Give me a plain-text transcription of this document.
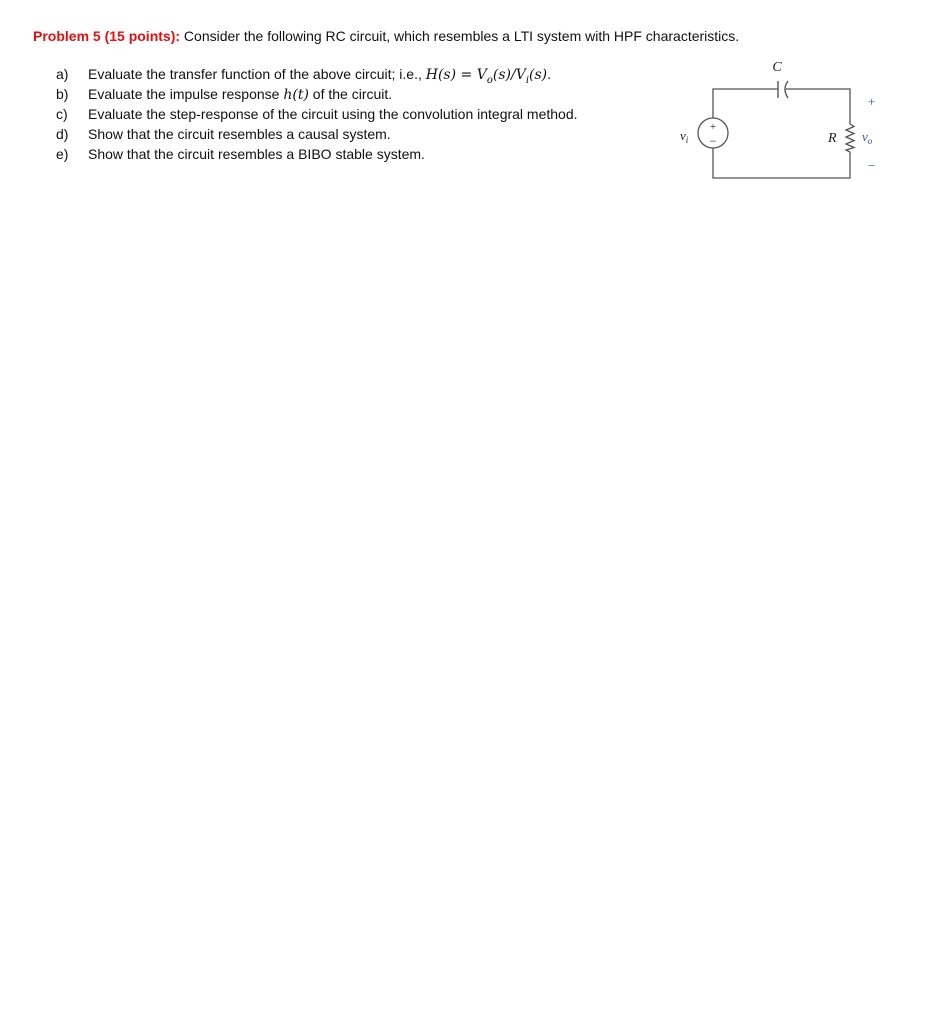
Problem 5 (15 points): Consider the following RC circuit, which resembles a LTI system with HPF characteristics.
a) Evaluate the transfer function of the above circuit; i.e., $H(s) = V_o(s)/V_i(s)$.
b) Evaluate the impulse response h(t) of the circuit.
c) Evaluate the step-response of the circuit using the convolution integral method.
d) Show that the circuit resembles a causal system.
e) Show that the circuit resembles a BIBO stable system.
C
+
−
$v_i$	R
+
$v_o$
−
